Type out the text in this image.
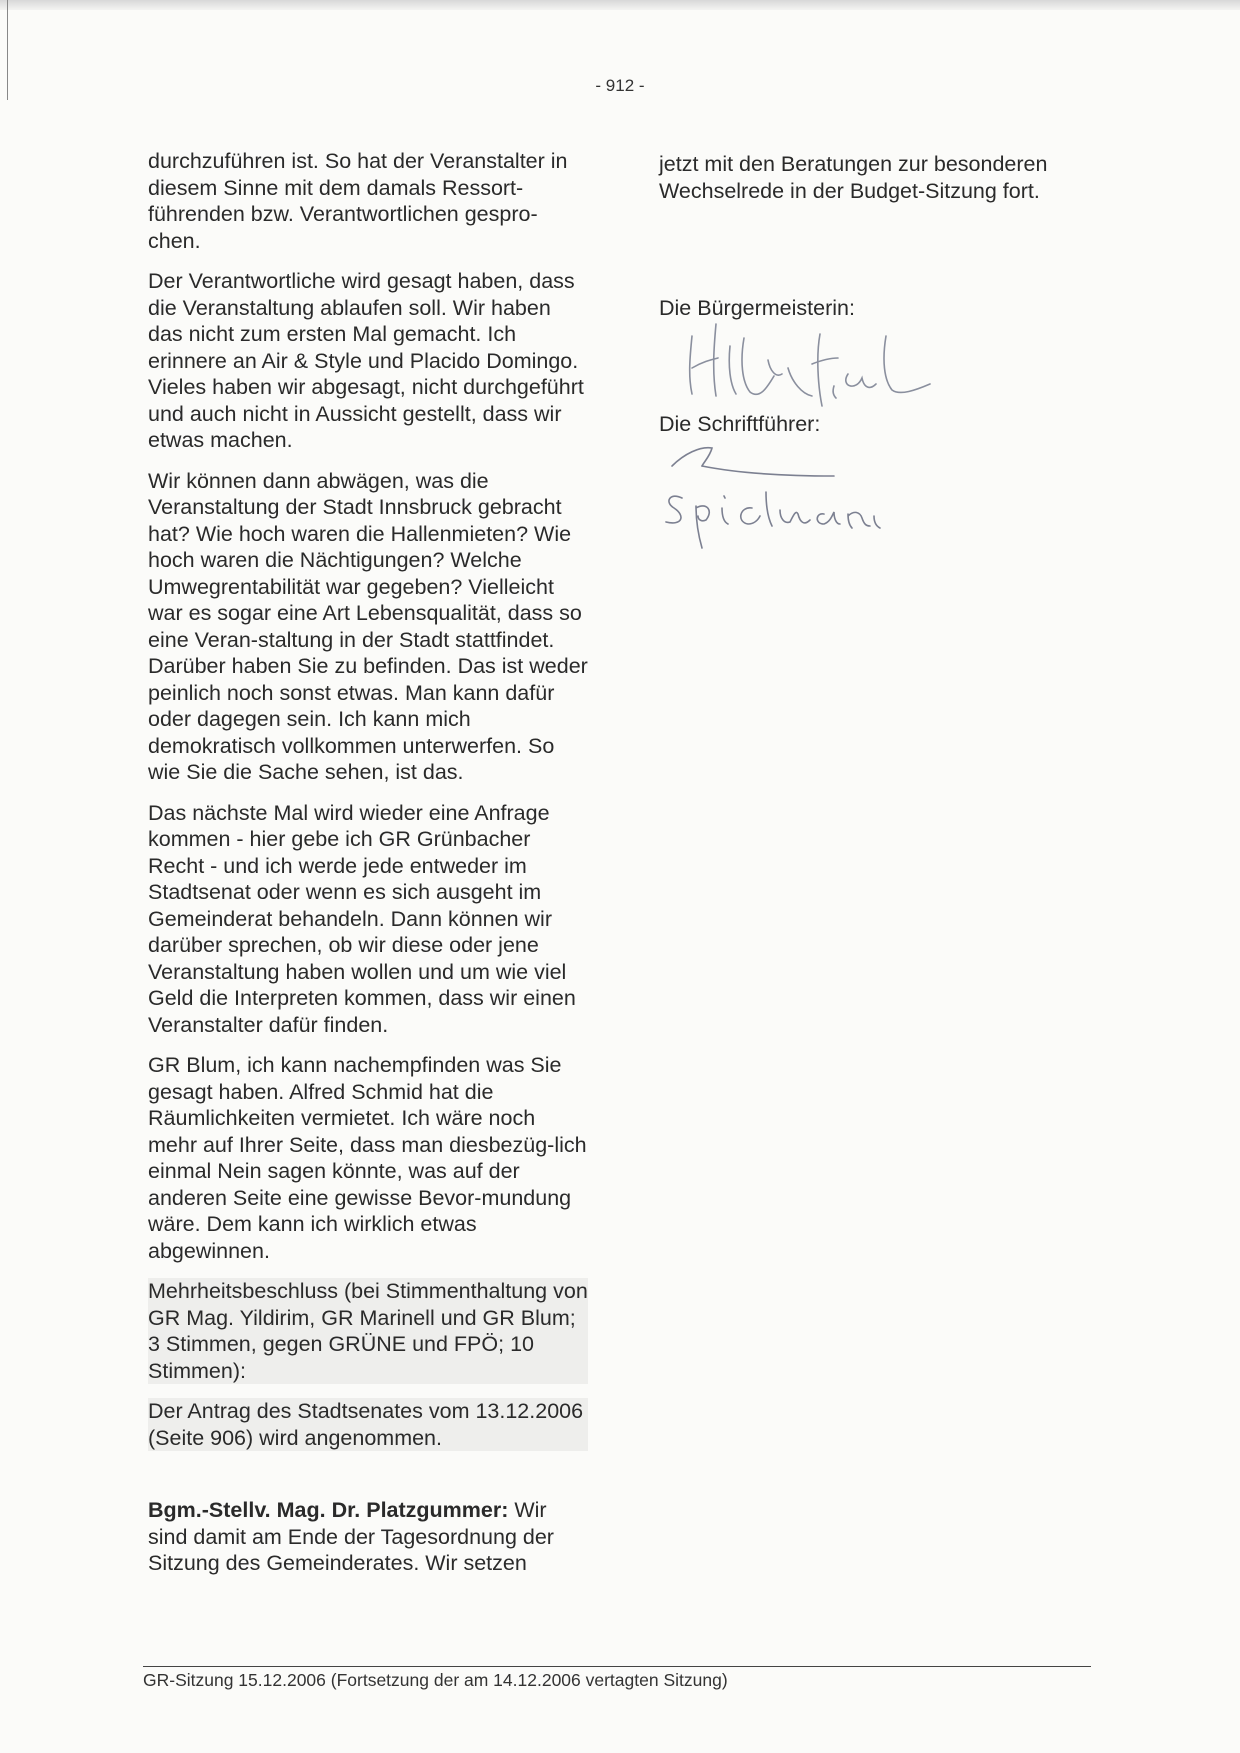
- 912 -

durchzuführen ist. So hat der Veranstalter in diesem Sinne mit dem damals Ressort-führenden bzw. Verantwortlichen gespro-chen.

Der Verantwortliche wird gesagt haben, dass die Veranstaltung ablaufen soll. Wir haben das nicht zum ersten Mal gemacht. Ich erinnere an Air & Style und Placido Domingo. Vieles haben wir abgesagt, nicht durchgeführt und auch nicht in Aussicht gestellt, dass wir etwas machen.

Wir können dann abwägen, was die Veranstaltung der Stadt Innsbruck gebracht hat? Wie hoch waren die Hallenmieten? Wie hoch waren die Nächtigungen? Welche Umwegrentabilität war gegeben? Vielleicht war es sogar eine Art Lebensqualität, dass so eine Veran-staltung in der Stadt stattfindet. Darüber haben Sie zu befinden. Das ist weder peinlich noch sonst etwas. Man kann dafür oder dagegen sein. Ich kann mich demokratisch vollkommen unterwerfen. So wie Sie die Sache sehen, ist das.

Das nächste Mal wird wieder eine Anfrage kommen - hier gebe ich GR Grünbacher Recht - und ich werde jede entweder im Stadtsenat oder wenn es sich ausgeht im Gemeinderat behandeln. Dann können wir darüber sprechen, ob wir diese oder jene Veranstaltung haben wollen und um wie viel Geld die Interpreten kommen, dass wir einen Veranstalter dafür finden.

GR Blum, ich kann nachempfinden was Sie gesagt haben. Alfred Schmid hat die Räumlichkeiten vermietet. Ich wäre noch mehr auf Ihrer Seite, dass man diesbezüg-lich einmal Nein sagen könnte, was auf der anderen Seite eine gewisse Bevor-mundung wäre. Dem kann ich wirklich etwas abgewinnen.

Mehrheitsbeschluss (bei Stimmenthaltung von GR Mag. Yildirim, GR Marinell und GR Blum; 3 Stimmen, gegen GRÜNE und FPÖ; 10 Stimmen):

Der Antrag des Stadtsenates vom 13.12.2006 (Seite 906) wird angenommen.

Bgm.-Stellv. Mag. Dr. Platzgummer: Wir sind damit am Ende der Tagesordnung der Sitzung des Gemeinderates. Wir setzen

jetzt mit den Beratungen zur besonderen Wechselrede in der Budget-Sitzung fort.

Die Bürgermeisterin:
Die Schriftführer:
GR-Sitzung 15.12.2006 (Fortsetzung der am 14.12.2006 vertagten Sitzung)
